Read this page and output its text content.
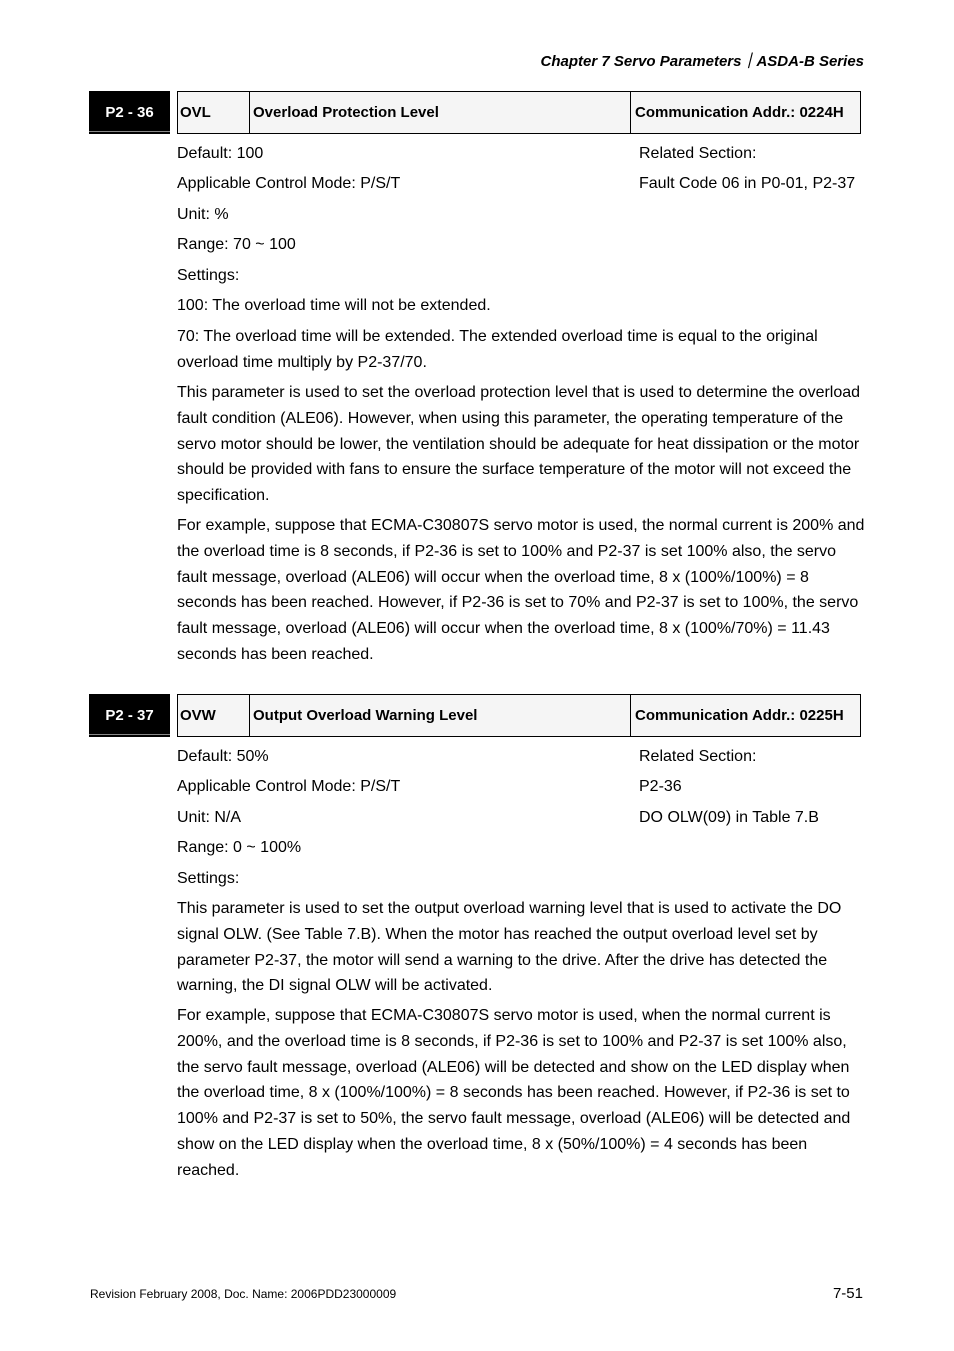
Chapter 7 Servo Parameters｜ASDA-B Series
P2 - 36	OVL	Overload Protection Level	Communication Addr.: 0224H
Default: 100
Applicable Control Mode: P/S/T
Unit: %
Range: 70 ~ 100
Settings:
Related Section:
Fault Code 06 in P0-01, P2-37
100: The overload time will not be extended.
70: The overload time will be extended. The extended overload time is equal to the original overload time multiply by P2-37/70.
This parameter is used to set the overload protection level that is used to determine the overload fault condition (ALE06). However, when using this parameter, the operating temperature of the servo motor should be lower, the ventilation should be adequate for heat dissipation or the motor should be provided with fans to ensure the surface temperature of the motor will not exceed the specification.
For example, suppose that ECMA-C30807S servo motor is used, the normal current is 200% and the overload time is 8 seconds, if P2-36 is set to 100% and P2-37 is set 100% also, the servo fault message, overload (ALE06) will occur when the overload time, 8 x (100%/100%) = 8 seconds has been reached. However, if P2-36 is set to 70% and P2-37 is set to 100%, the servo fault message, overload (ALE06) will occur when the overload time, 8 x (100%/70%) = 11.43 seconds has been reached.
P2 - 37	OVW	Output Overload Warning Level	Communication Addr.: 0225H
Default: 50%
Applicable Control Mode: P/S/T
Unit: N/A
Range: 0 ~ 100%
Settings:
Related Section:
P2-36
DO OLW(09) in Table 7.B
This parameter is used to set the output overload warning level that is used to activate the DO signal OLW. (See Table 7.B). When the motor has reached the output overload level set by parameter P2-37, the motor will send a warning to the drive. After the drive has detected the warning, the DI signal OLW will be activated.
For example, suppose that ECMA-C30807S servo motor is used, when the normal current is 200%, and the overload time is 8 seconds, if P2-36 is set to 100% and P2-37 is set 100% also, the servo fault message, overload (ALE06) will be detected and show on the LED display when the overload time, 8 x (100%/100%) = 8 seconds has been reached. However, if P2-36 is set to 100% and P2-37 is set to 50%, the servo fault message, overload (ALE06) will be detected and show on the LED display when the overload time, 8 x (50%/100%) = 4 seconds has been reached.
Revision February 2008, Doc. Name: 2006PDD23000009	7-51
